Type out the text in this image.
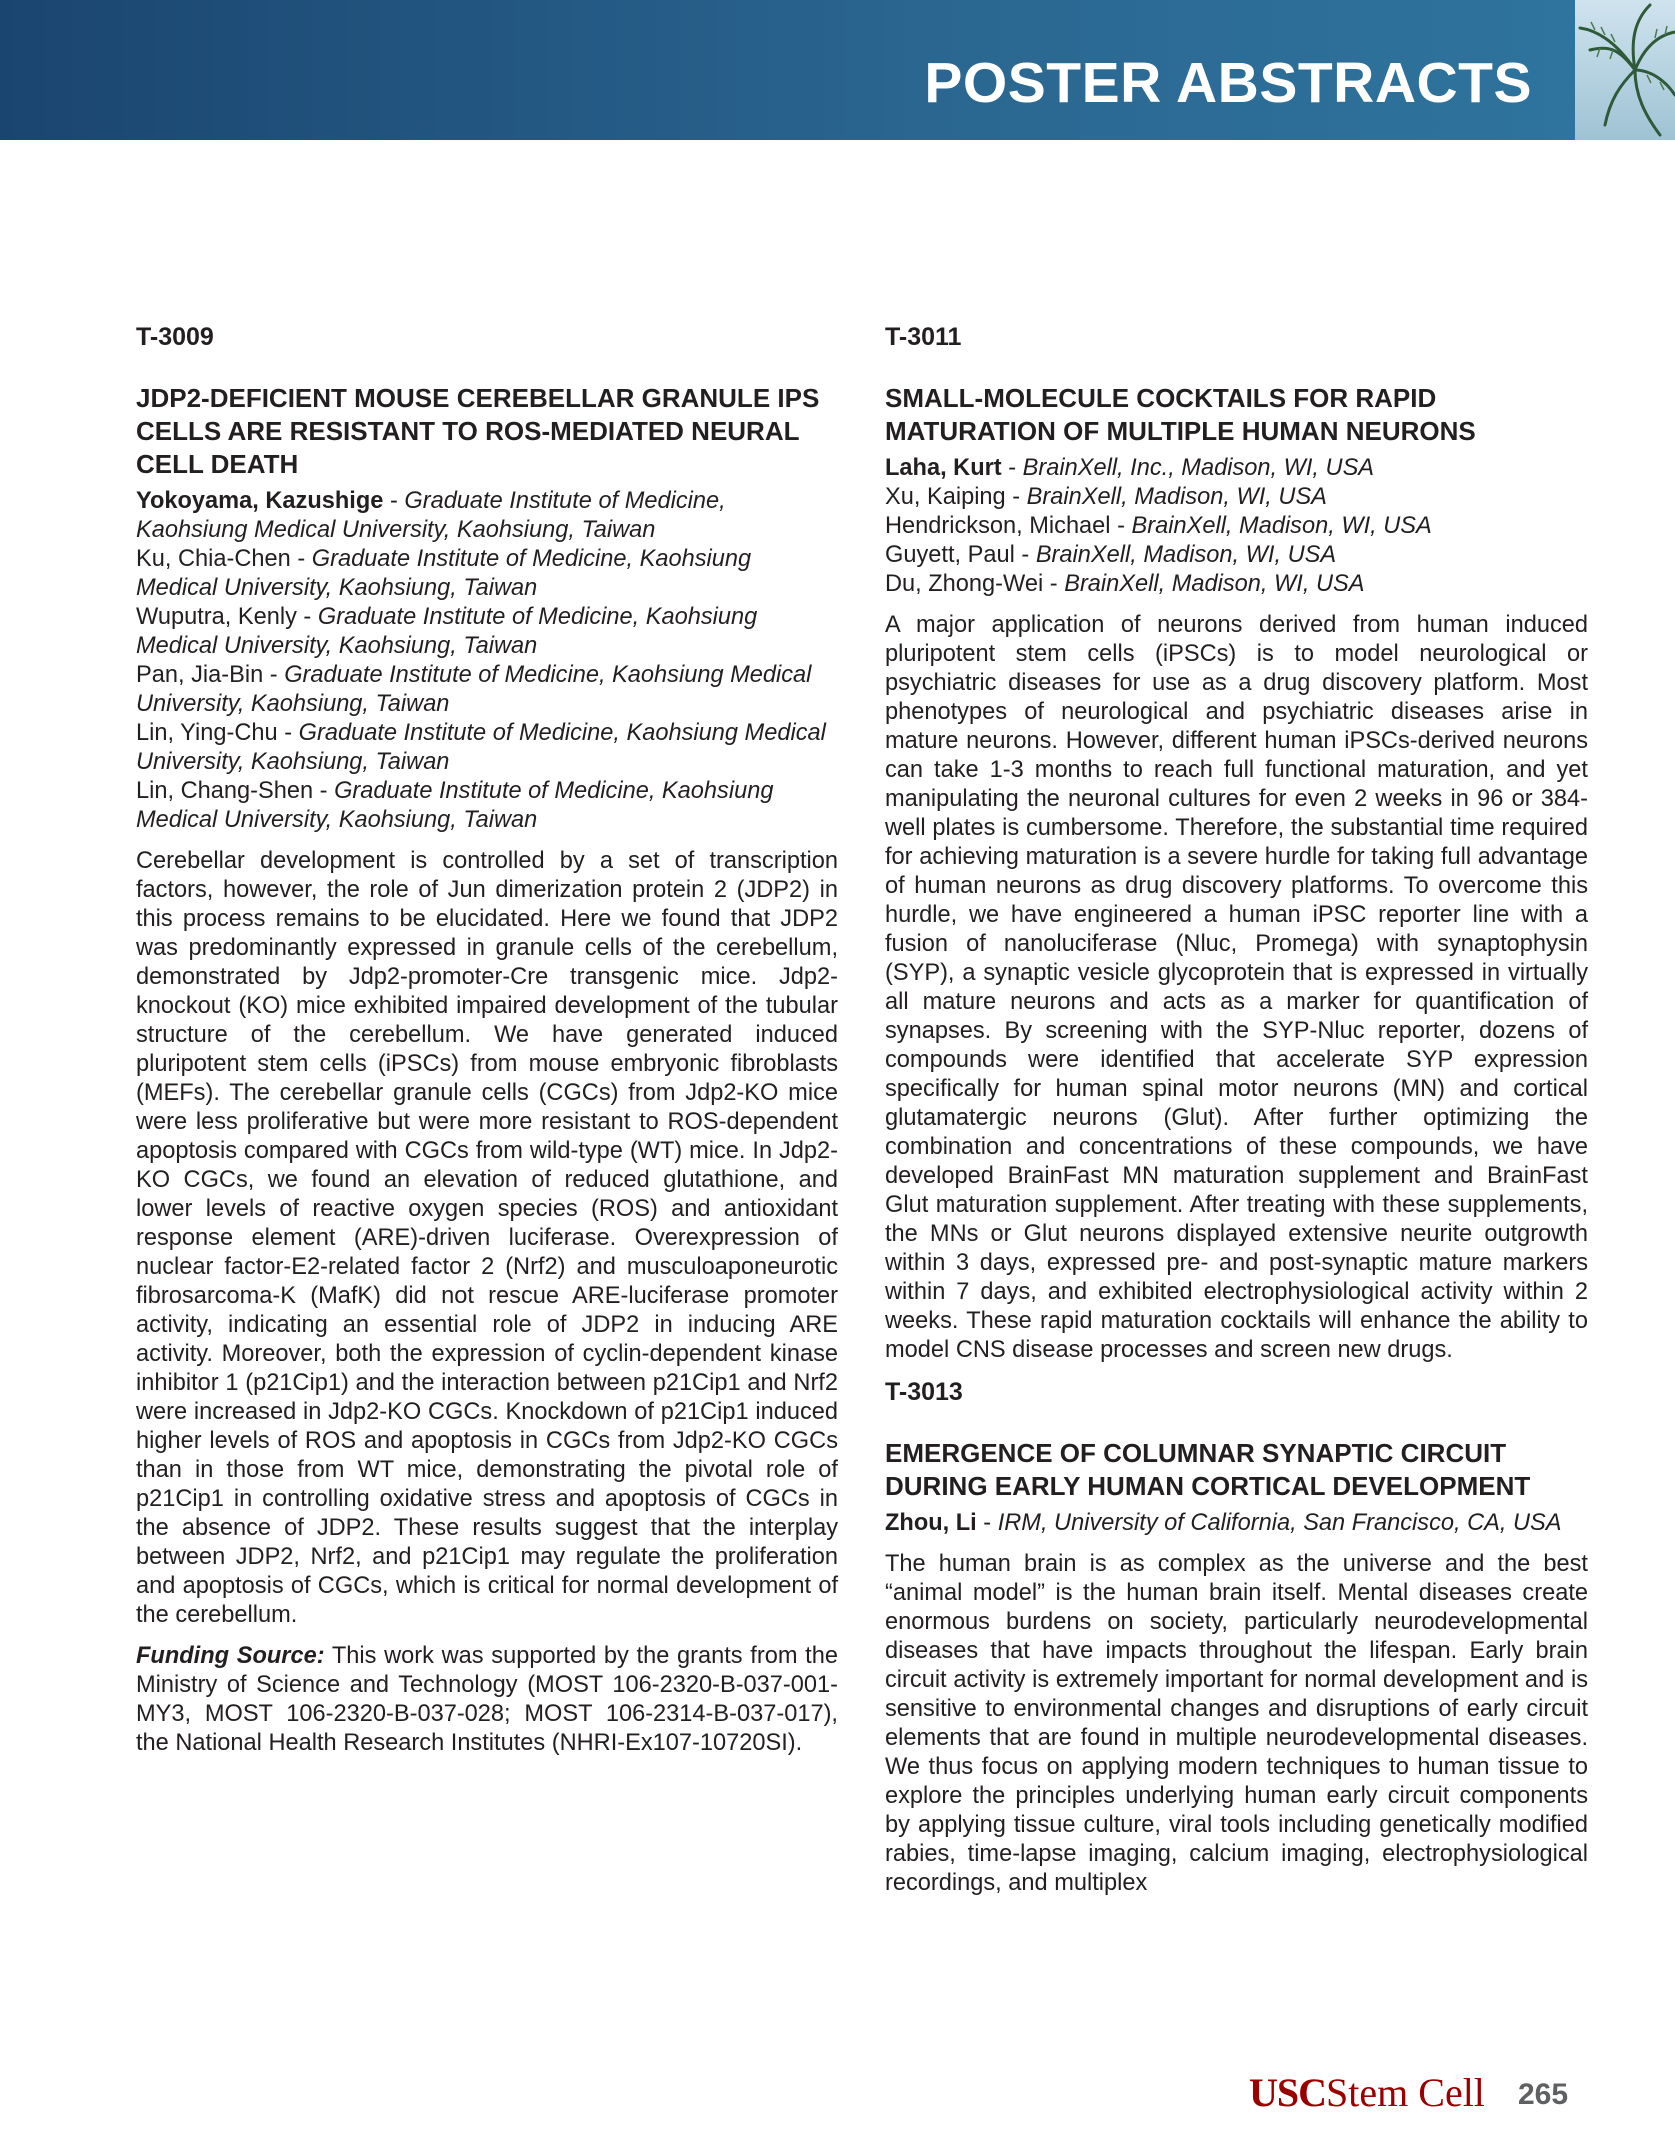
POSTER ABSTRACTS

T-3009

JDP2-DEFICIENT MOUSE CEREBELLAR GRANULE IPS CELLS ARE RESISTANT TO ROS-MEDIATED NEURAL CELL DEATH

Yokoyama, Kazushige - Graduate Institute of Medicine, Kaohsiung Medical University, Kaohsiung, Taiwan

Ku, Chia-Chen - Graduate Institute of Medicine, Kaohsiung Medical University, Kaohsiung, Taiwan

Wuputra, Kenly - Graduate Institute of Medicine, Kaohsiung Medical University, Kaohsiung, Taiwan

Pan, Jia-Bin - Graduate Institute of Medicine, Kaohsiung Medical University, Kaohsiung, Taiwan

Lin, Ying-Chu - Graduate Institute of Medicine, Kaohsiung Medical University, Kaohsiung, Taiwan

Lin, Chang-Shen - Graduate Institute of Medicine, Kaohsiung Medical University, Kaohsiung, Taiwan

Cerebellar development is controlled by a set of transcription factors, however, the role of Jun dimerization protein 2 (JDP2) in this process remains to be elucidated. Here we found that JDP2 was predominantly expressed in granule cells of the cerebellum, demonstrated by Jdp2-promoter-Cre transgenic mice. Jdp2-knockout (KO) mice exhibited impaired development of the tubular structure of the cerebellum. We have generated induced pluripotent stem cells (iPSCs) from mouse embryonic fibroblasts (MEFs). The cerebellar granule cells (CGCs) from Jdp2-KO mice were less proliferative but were more resistant to ROS-dependent apoptosis compared with CGCs from wild-type (WT) mice. In Jdp2-KO CGCs, we found an elevation of reduced glutathione, and lower levels of reactive oxygen species (ROS) and antioxidant response element (ARE)-driven luciferase. Overexpression of nuclear factor-E2-related factor 2 (Nrf2) and musculoaponeurotic fibrosarcoma-K (MafK) did not rescue ARE-luciferase promoter activity, indicating an essential role of JDP2 in inducing ARE activity. Moreover, both the expression of cyclin-dependent kinase inhibitor 1 (p21Cip1) and the interaction between p21Cip1 and Nrf2 were increased in Jdp2-KO CGCs. Knockdown of p21Cip1 induced higher levels of ROS and apoptosis in CGCs from Jdp2-KO CGCs than in those from WT mice, demonstrating the pivotal role of p21Cip1 in controlling oxidative stress and apoptosis of CGCs in the absence of JDP2. These results suggest that the interplay between JDP2, Nrf2, and p21Cip1 may regulate the proliferation and apoptosis of CGCs, which is critical for normal development of the cerebellum.

Funding Source: This work was supported by the grants from the Ministry of Science and Technology (MOST 106-2320-B-037-001-MY3, MOST 106-2320-B-037-028; MOST 106-2314-B-037-017), the National Health Research Institutes (NHRI-Ex107-10720SI).

T-3011

SMALL-MOLECULE COCKTAILS FOR RAPID MATURATION OF MULTIPLE HUMAN NEURONS

Laha, Kurt - BrainXell, Inc., Madison, WI, USA

Xu, Kaiping - BrainXell, Madison, WI, USA

Hendrickson, Michael - BrainXell, Madison, WI, USA

Guyett, Paul - BrainXell, Madison, WI, USA

Du, Zhong-Wei - BrainXell, Madison, WI, USA

A major application of neurons derived from human induced pluripotent stem cells (iPSCs) is to model neurological or psychiatric diseases for use as a drug discovery platform. Most phenotypes of neurological and psychiatric diseases arise in mature neurons. However, different human iPSCs-derived neurons can take 1-3 months to reach full functional maturation, and yet manipulating the neuronal cultures for even 2 weeks in 96 or 384-well plates is cumbersome. Therefore, the substantial time required for achieving maturation is a severe hurdle for taking full advantage of human neurons as drug discovery platforms. To overcome this hurdle, we have engineered a human iPSC reporter line with a fusion of nanoluciferase (Nluc, Promega) with synaptophysin (SYP), a synaptic vesicle glycoprotein that is expressed in virtually all mature neurons and acts as a marker for quantification of synapses. By screening with the SYP-Nluc reporter, dozens of compounds were identified that accelerate SYP expression specifically for human spinal motor neurons (MN) and cortical glutamatergic neurons (Glut). After further optimizing the combination and concentrations of these compounds, we have developed BrainFast MN maturation supplement and BrainFast Glut maturation supplement. After treating with these supplements, the MNs or Glut neurons displayed extensive neurite outgrowth within 3 days, expressed pre- and post-synaptic mature markers within 7 days, and exhibited electrophysiological activity within 2 weeks. These rapid maturation cocktails will enhance the ability to model CNS disease processes and screen new drugs.

T-3013

EMERGENCE OF COLUMNAR SYNAPTIC CIRCUIT DURING EARLY HUMAN CORTICAL DEVELOPMENT

Zhou, Li - IRM, University of California, San Francisco, CA, USA

The human brain is as complex as the universe and the best “animal model” is the human brain itself. Mental diseases create enormous burdens on society, particularly neurodevelopmental diseases that have impacts throughout the lifespan. Early brain circuit activity is extremely important for normal development and is sensitive to environmental changes and disruptions of early circuit elements that are found in multiple neurodevelopmental diseases. We thus focus on applying modern techniques to human tissue to explore the principles underlying human early circuit components by applying tissue culture, viral tools including genetically modified rabies, time-lapse imaging, calcium imaging, electrophysiological recordings, and multiplex

USCStem Cell 265
